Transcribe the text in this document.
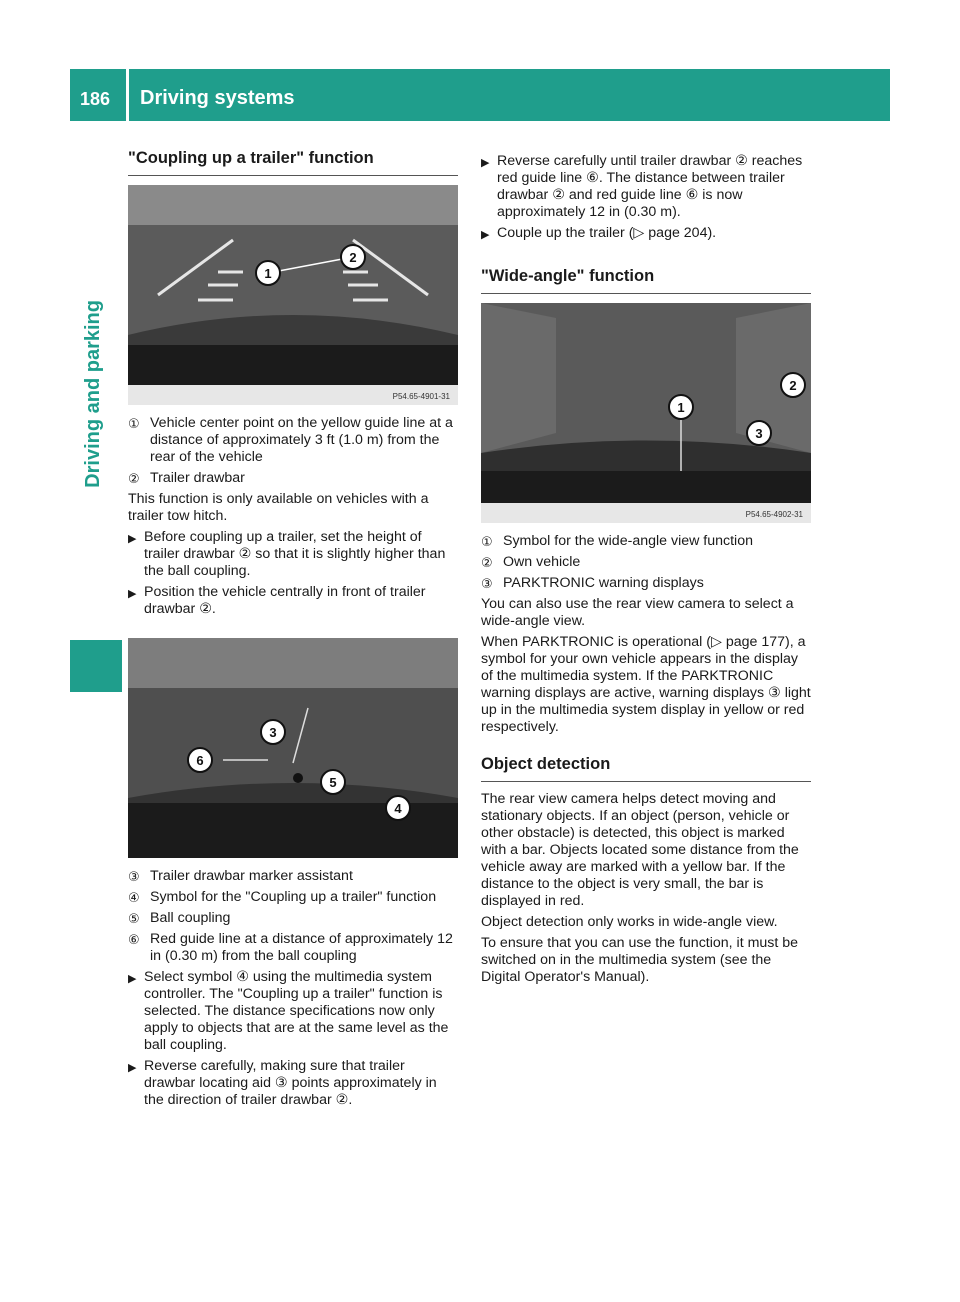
186 Driving systems
Driving and parking
"Coupling up a trailer" function
1
2
P54.65-4901-31
① Vehicle center point on the yellow guide line at a distance of approximately 3 ft (1.0 m) from the rear of the vehicle
② Trailer drawbar

This function is only available on vehicles with a trailer tow hitch.

▶ Before coupling up a trailer, set the height of trailer drawbar ② so that it is slightly higher than the ball coupling.
▶ Position the vehicle centrally in front of trailer drawbar ②.
3
6
5
4
③ Trailer drawbar marker assistant
④ Symbol for the "Coupling up a trailer" function
⑤ Ball coupling
⑥ Red guide line at a distance of approximately 12 in (0.30 m) from the ball coupling
▶ Select symbol ④ using the multimedia system controller. The "Coupling up a trailer" function is selected. The distance specifications now only apply to objects that are at the same level as the ball coupling.
▶ Reverse carefully, making sure that trailer drawbar locating aid ③ points approximately in the direction of trailer drawbar ②.
▶ Reverse carefully until trailer drawbar ② reaches red guide line ⑥. The distance between trailer drawbar ② and red guide line ⑥ is now approximately 12 in (0.30 m).
▶ Couple up the trailer (▷ page 204).
"Wide-angle" function
1
2
3
P54.65-4902-31
① Symbol for the wide-angle view function
② Own vehicle
③ PARKTRONIC warning displays

You can also use the rear view camera to select a wide-angle view.

When PARKTRONIC is operational (▷ page 177), a symbol for your own vehicle appears in the display of the multimedia system. If the PARKTRONIC warning displays are active, warning displays ③ light up in the multimedia system display in yellow or red respectively.

Object detection

The rear view camera helps detect moving and stationary objects. If an object (person, vehicle or other obstacle) is detected, this object is marked with a bar. Objects located some distance from the vehicle away are marked with a yellow bar. If the distance to the object is very small, the bar is displayed in red.

Object detection only works in wide-angle view.

To ensure that you can use the function, it must be switched on in the multimedia system (see the Digital Operator's Manual).
